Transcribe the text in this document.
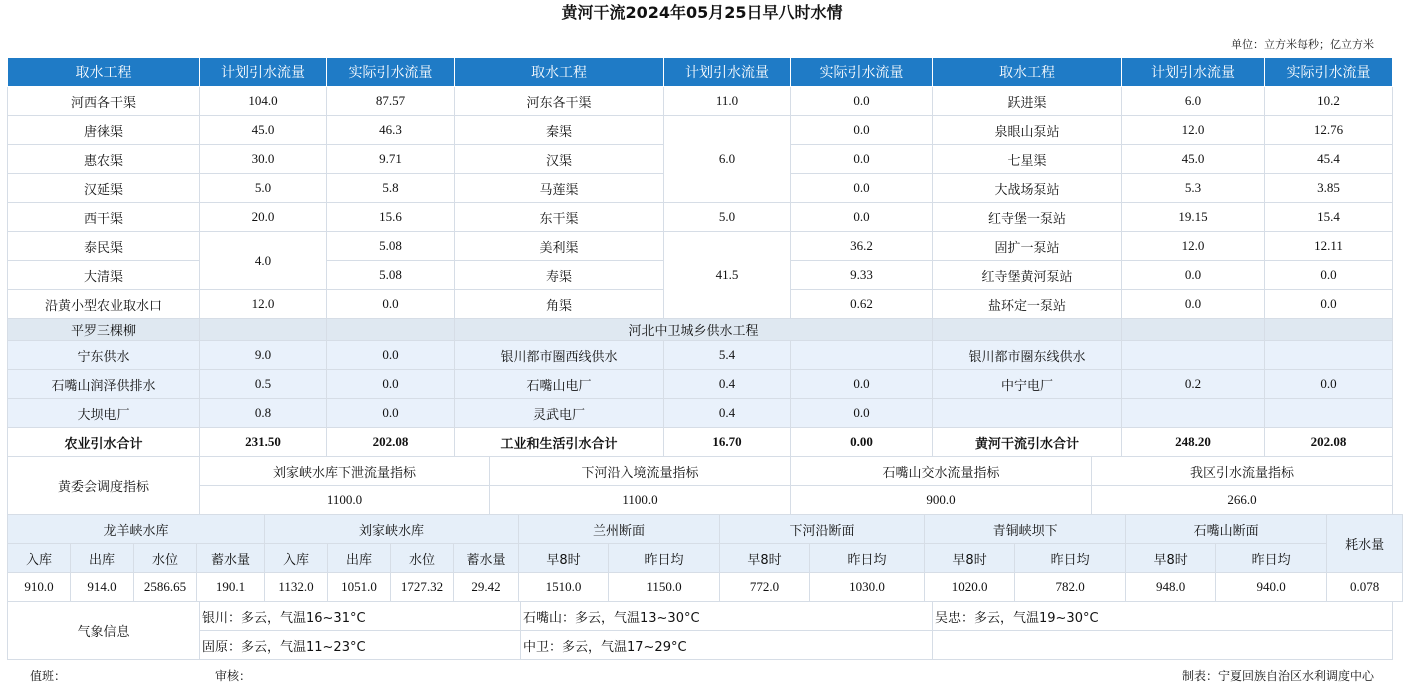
黄河干流2024年05月25日早八时水情
单位：立方米每秒；亿立方米
取水工程	计划引水流量	实际引水流量	取水工程	计划引水流量	实际引水流量	取水工程	计划引水流量	实际引水流量
河西各干渠	104.0	87.57	河东各干渠	11.0	0.0	跃进渠	6.0	10.2
唐徕渠	45.0	46.3	秦渠	6.0	0.0	泉眼山泵站	12.0	12.76
惠农渠	30.0	9.71	汉渠		0.0	七星渠	45.0	45.4
汉延渠	5.0	5.8	马莲渠		0.0	大战场泵站	5.3	3.85
西干渠	20.0	15.6	东干渠	5.0	0.0	红寺堡一泵站	19.15	15.4
泰民渠	4.0	5.08	美利渠	41.5	36.2	固扩一泵站	12.0	12.11
大清渠		5.08	寿渠		9.33	红寺堡黄河泵站	0.0	0.0
沿黄小型农业取水口	12.0	0.0	角渠		0.62	盐环定一泵站	0.0	0.0
平罗三棵柳			河北中卫城乡供水工程					
宁东供水	9.0	0.0	银川都市圈西线供水	5.4		银川都市圈东线供水		
石嘴山润泽供排水	0.5	0.0	石嘴山电厂	0.4	0.0	中宁电厂	0.2	0.0
大坝电厂	0.8	0.0	灵武电厂	0.4	0.0			
农业引水合计	231.50	202.08	工业和生活引水合计	16.70	0.00	黄河干流引水合计	248.20	202.08
黄委会调度指标	刘家峡水库下泄流量指标	下河沿入境流量指标	石嘴山交水流量指标	我区引水流量指标
	1100.0	1100.0	900.0	266.0
龙羊峡水库				刘家峡水库				兰州断面		下河沿断面		青铜峡坝下		石嘴山断面		耗水量
入库	出库	水位	蓄水量	入库	出库	水位	蓄水量	早8时	昨日均	早8时	昨日均	早8时	昨日均	早8时	昨日均	
910.0	914.0	2586.65	190.1	1132.0	1051.0	1727.32	29.42	1510.0	1150.0	772.0	1030.0	1020.0	782.0	948.0	940.0	0.078
气象信息	银川：多云，气温16~31°C	石嘴山：多云，气温13~30°C	吴忠：多云，气温19~30°C
	固原：多云，气温11~23°C	中卫：多云，气温17~29°C	
值班：	审核：	制表：宁夏回族自治区水利调度中心
